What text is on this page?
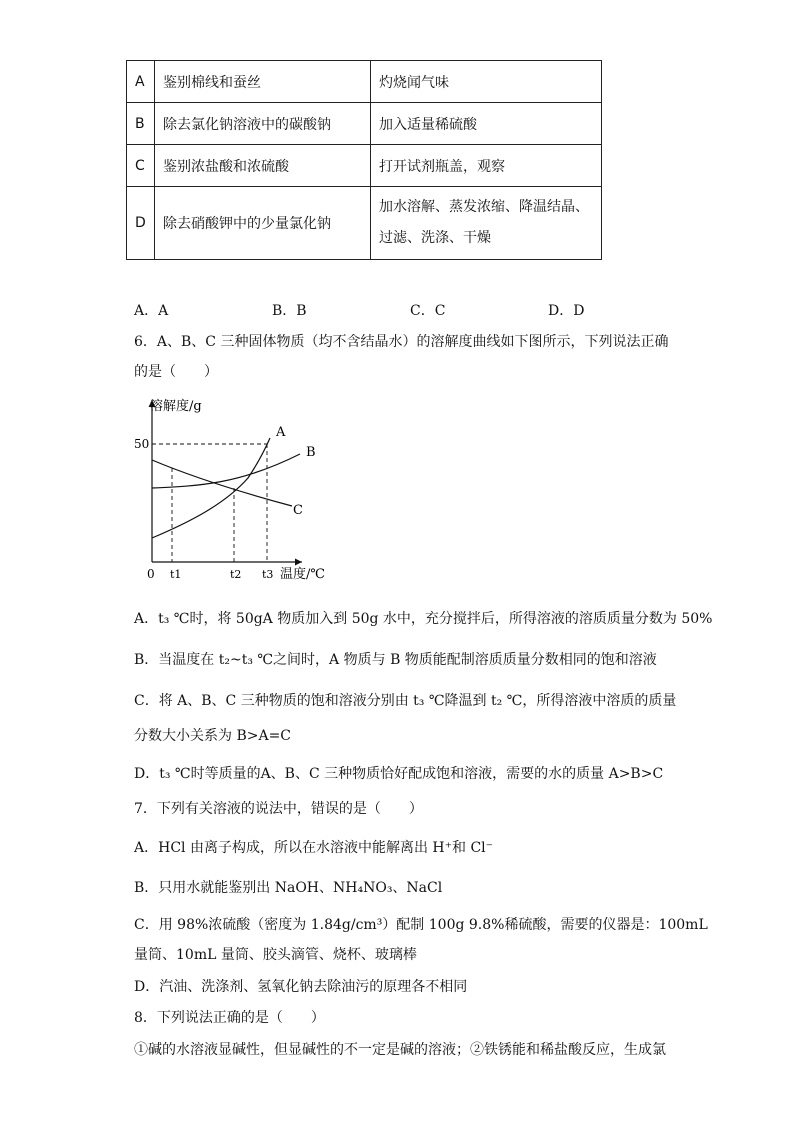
A	鉴别棉线和蚕丝	灼烧闻气味
B	除去氯化钠溶液中的碳酸钠	加入适量稀硫酸
C	鉴别浓盐酸和浓硫酸	打开试剂瓶盖，观察
D	除去硝酸钾中的少量氯化钠	加水溶解、蒸发浓缩、降温结晶、
过滤、洗涤、干燥
A．A	B．B	C．C	D．D
6．A、B、C 三种固体物质（均不含结晶水）的溶解度曲线如下图所示，下列说法正确
的是（　　）
溶解度/g
温度/℃
50
0 t1	t2 t3
A
B
C
A．t₃ ℃时，将 50gA 物质加入到 50g 水中，充分搅拌后，所得溶液的溶质质量分数为 50%
B．当温度在 t₂~t₃ ℃之间时，A 物质与 B 物质能配制溶质质量分数相同的饱和溶液
C．将 A、B、C 三种物质的饱和溶液分别由 t₃ ℃降温到 t₂ ℃，所得溶液中溶质的质量
分数大小关系为 B>A=C
D．t₃ ℃时等质量的A、B、C 三种物质恰好配成饱和溶液，需要的水的质量 A>B>C
7．下列有关溶液的说法中，错误的是（　　）
A．HCl 由离子构成，所以在水溶液中能解离出 H⁺和 Cl⁻
B．只用水就能鉴别出 NaOH、NH₄NO₃、NaCl
C．用 98%浓硫酸（密度为 1.84g/cm³）配制 100g 9.8%稀硫酸，需要的仪器是：100mL
量筒、10mL 量筒、胶头滴管、烧杯、玻璃棒
D．汽油、洗涤剂、氢氧化钠去除油污的原理各不相同
8．下列说法正确的是（　　）
①碱的水溶液显碱性，但显碱性的不一定是碱的溶液；②铁锈能和稀盐酸反应，生成氯
